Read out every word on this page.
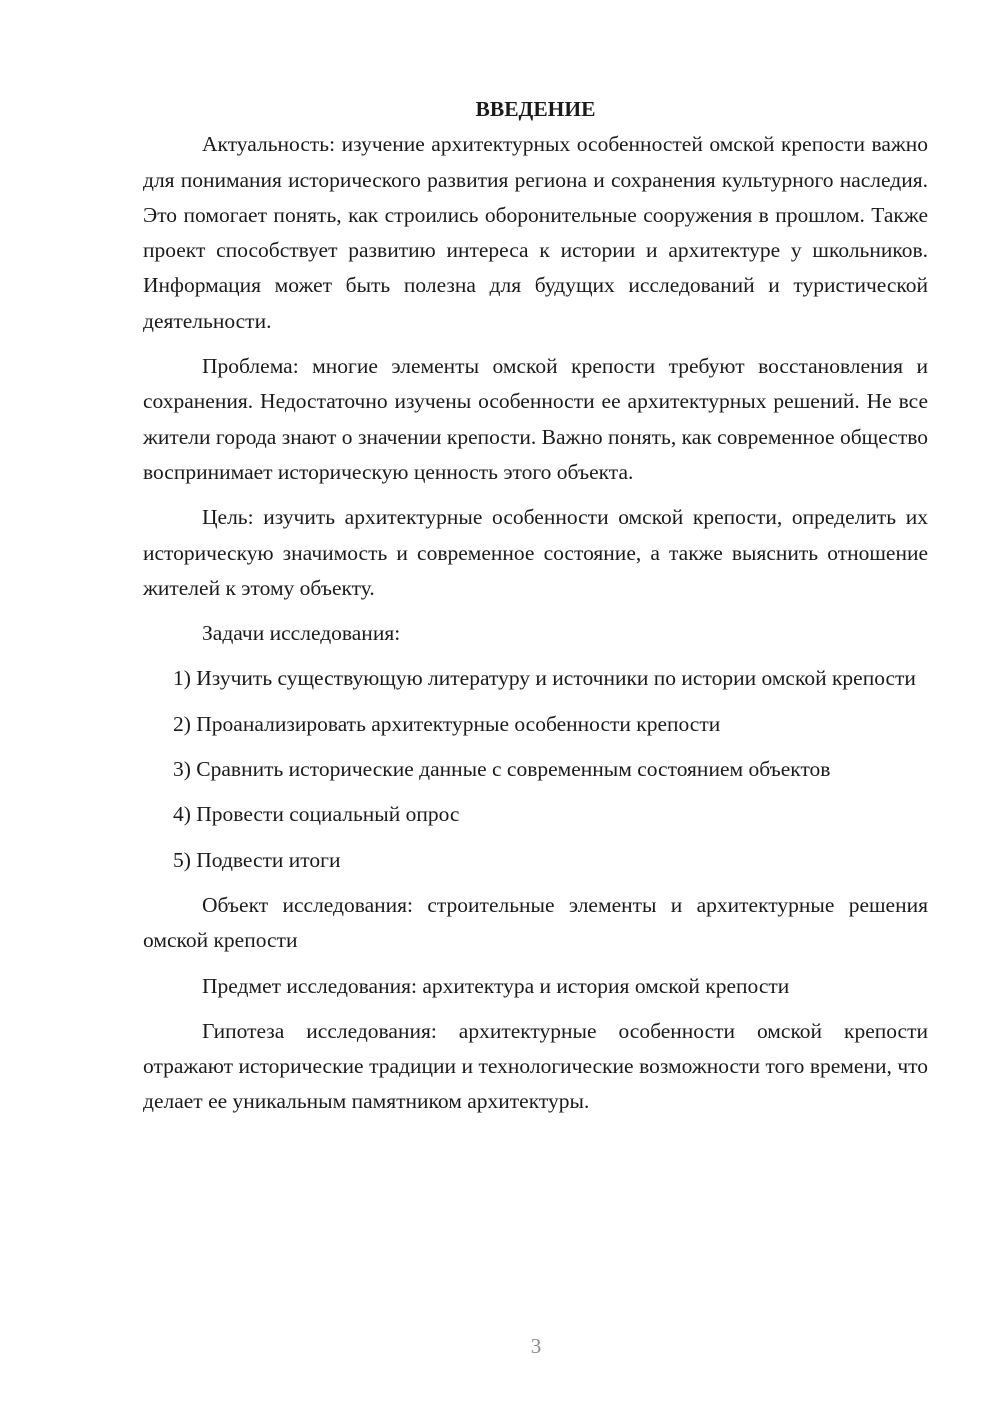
ВВЕДЕНИЕ
Актуальность: изучение архитектурных особенностей омской крепости важно для понимания исторического развития региона и сохранения культурного наследия. Это помогает понять, как строились оборонительные сооружения в прошлом. Также проект способствует развитию интереса к истории и архитектуре у школьников. Информация может быть полезна для будущих исследований и туристической деятельности.
Проблема: многие элементы омской крепости требуют восстановления и сохранения. Недостаточно изучены особенности ее архитектурных решений. Не все жители города знают о значении крепости. Важно понять, как современное общество воспринимает историческую ценность этого объекта.
Цель: изучить архитектурные особенности омской крепости, определить их историческую значимость и современное состояние, а также выяснить отношение жителей к этому объекту.
Задачи исследования:
1) Изучить существующую литературу и источники по истории омской крепости
2) Проанализировать архитектурные особенности крепости
3) Сравнить исторические данные с современным состоянием объектов
4) Провести социальный опрос
5) Подвести итоги
Объект исследования: строительные элементы и архитектурные решения омской крепости
Предмет исследования: архитектура и история омской крепости
Гипотеза исследования: архитектурные особенности омской крепости отражают исторические традиции и технологические возможности того времени, что делает ее уникальным памятником архитектуры.
3
